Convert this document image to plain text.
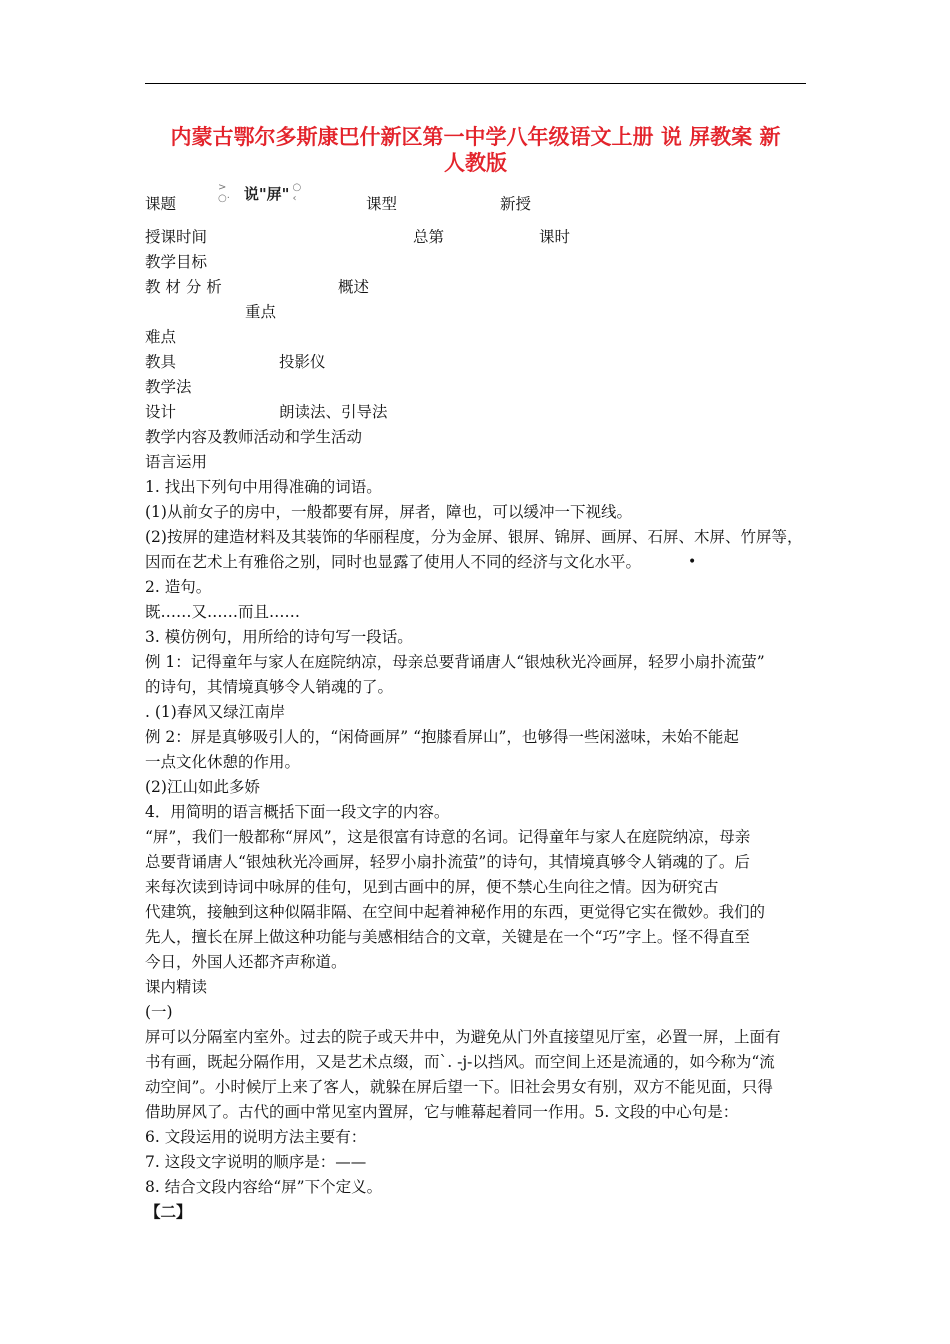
内蒙古鄂尔多斯康巴什新区第一中学八年级语文上册 说 屏教案 新
人教版
> ○· 说"屏" ○ ‹
课题	课型	新授
授课时间	总第	课时
教学目标
教 材 分 析	概述
重点
难点
教具	投影仪
教学法
设计	朗读法、引导法
教学内容及教师活动和学生活动
语言运用
1. 找出下列句中用得准确的词语。
(1)从前女子的房中，一般都要有屏，屏者，障也，可以缓冲一下视线。
(2)按屏的建造材料及其装饰的华丽程度，分为金屏、银屏、锦屏、画屏、石屏、木屏、竹屏等，
因而在艺术上有雅俗之别，同时也显露了使用人不同的经济与文化水平。	•
2. 造句。
既……又……而且……
3. 模仿例句，用所给的诗句写一段话。
例 1：记得童年与家人在庭院纳凉，母亲总要背诵唐人“银烛秋光冷画屏，轻罗小扇扑流萤”
的诗句，其情境真够令人销魂的了。
. (1)春风又绿江南岸
例 2：屏是真够吸引人的，“闲倚画屏” “抱膝看屏山”，也够得一些闲滋味，未始不能起
一点文化休憩的作用。
(2)江山如此多娇
4．用简明的语言概括下面一段文字的内容。
“屏”，我们一般都称“屏风”，这是很富有诗意的名词。记得童年与家人在庭院纳凉，母亲
总要背诵唐人“银烛秋光冷画屏，轻罗小扇扑流萤”的诗句，其情境真够令人销魂的了。后
来每次读到诗词中咏屏的佳句，见到古画中的屏，便不禁心生向往之情。因为研究古
代建筑，接触到这种似隔非隔、在空间中起着神秘作用的东西，更觉得它实在微妙。我们的
先人，擅长在屏上做这种功能与美感相结合的文章，关键是在一个“巧”字上。怪不得直至
今日，外国人还都齐声称道。
课内精读
(一)
屏可以分隔室内室外。过去的院子或天井中，为避免从门外直接望见厅室，必置一屏，上面有
书有画，既起分隔作用，又是艺术点缀，而`. -j-以挡风。而空间上还是流通的，如今称为“流
动空间”。小时候厅上来了客人，就躲在屏后望一下。旧社会男女有别，双方不能见面，只得
借助屏风了。古代的画中常见室内置屏，它与帷幕起着同一作用。5. 文段的中心句是：
6. 文段运用的说明方法主要有：
7. 这段文字说明的顺序是：——
8. 结合文段内容给“屏”下个定义。
【二】
